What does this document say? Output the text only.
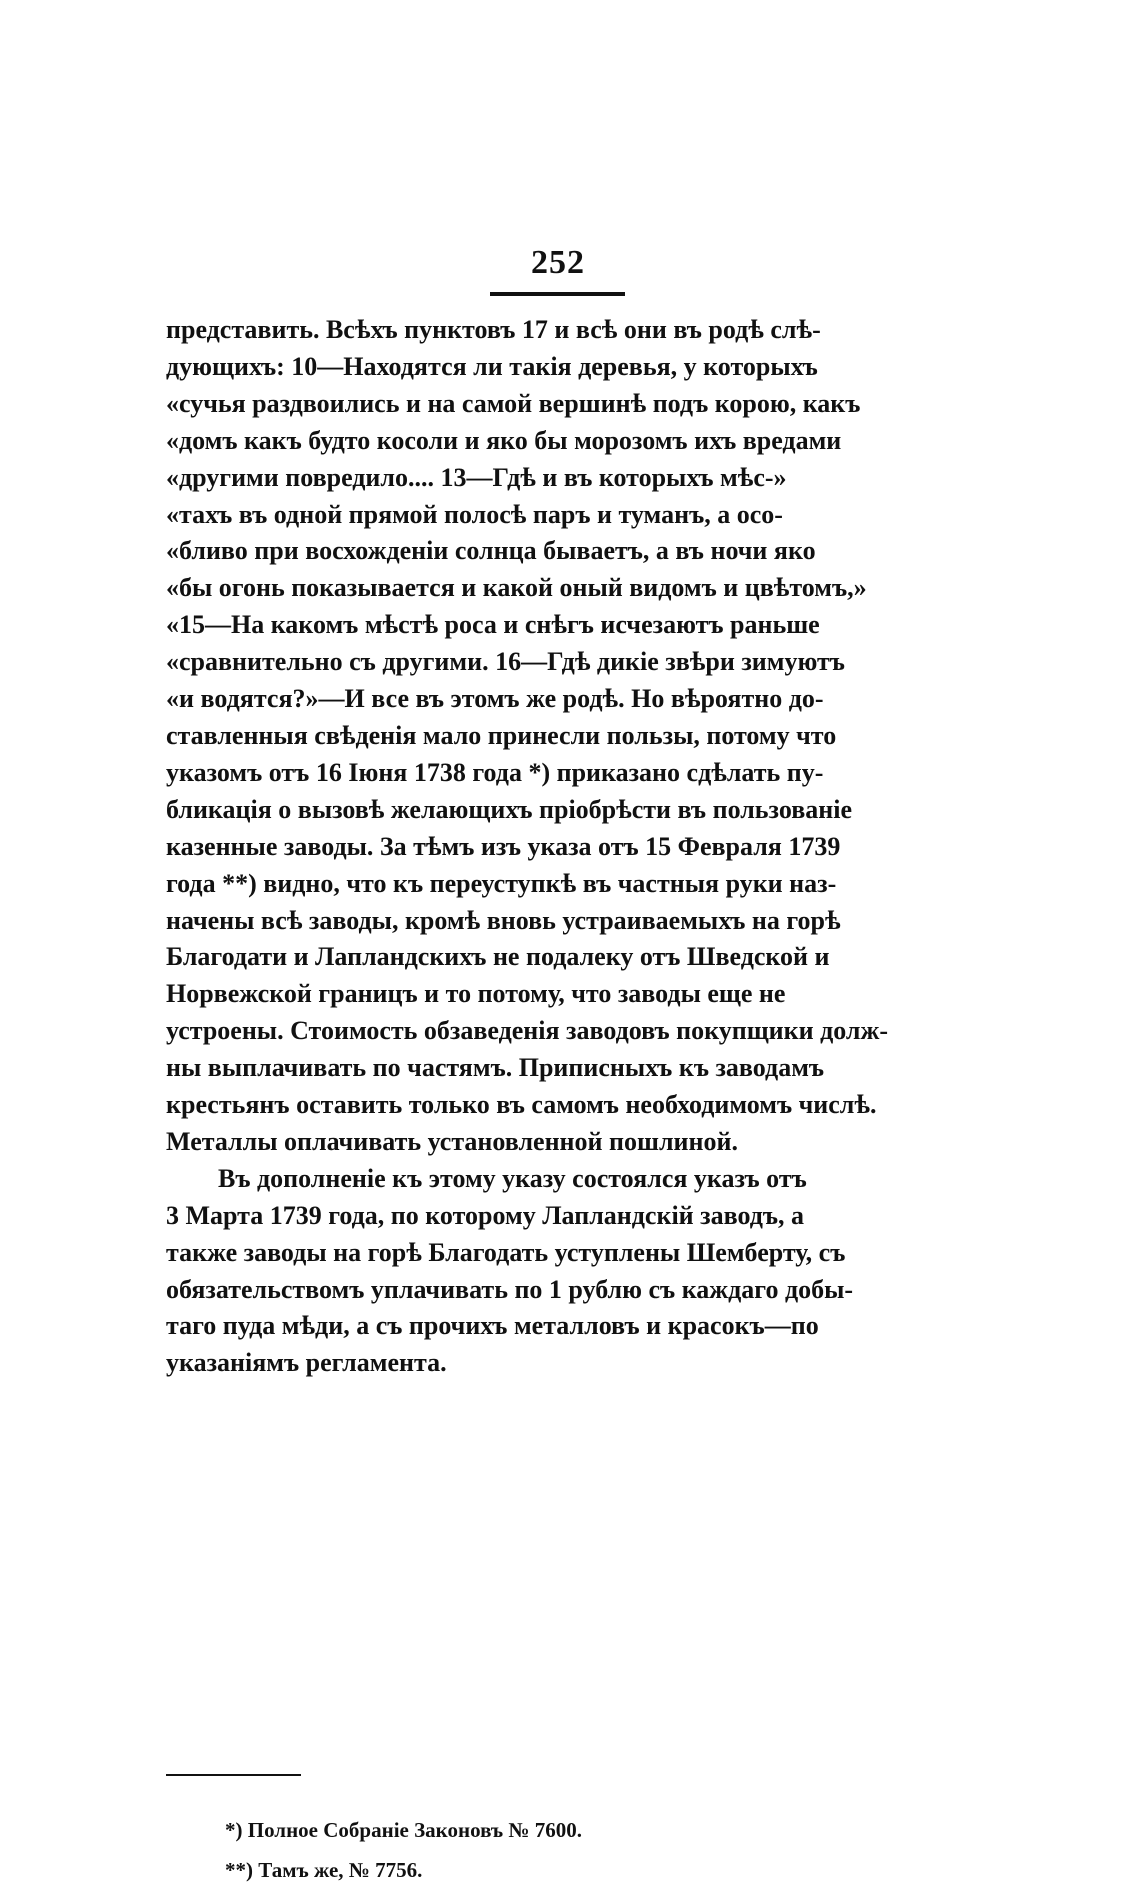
252
представить. Всѣхъ пунктовъ 17 и всѣ они въ родѣ слѣ-
дующихъ: 10—Находятся ли такія деревья, у которыхъ
«сучья раздвоились и на самой вершинѣ подъ корою, какъ
«домъ какъ будто косоли и яко бы морозомъ ихъ вредами
«другими повредило.... 13—Гдѣ и въ которыхъ мѣс-»
«тахъ въ одной прямой полосѣ паръ и туманъ, а осо-
«бливо при восхожденіи солнца бываетъ, а въ ночи яко
«бы огонь показывается и какой оный видомъ и цвѣтомъ,»
«15—На какомъ мѣстѣ роса и снѣгъ исчезаютъ раньше
«сравнительно съ другими. 16—Гдѣ дикіе звѣри зимуютъ
«и водятся?»—И все въ этомъ же родѣ. Но вѣроятно до-
ставленныя свѣденія мало принесли пользы, потому что
указомъ отъ 16 Іюня 1738 года *) приказано сдѣлать пу-
бликація о вызовѣ желающихъ пріобрѣсти въ пользованіе
казенные заводы. За тѣмъ изъ указа отъ 15 Февраля 1739
года **) видно, что къ переуступкѣ въ частныя руки наз-
начены всѣ заводы, кромѣ вновь устраиваемыхъ на горѣ
Благодати и Лапландскихъ не подалеку отъ Шведской и
Норвежской границъ и то потому, что заводы еще не
устроены. Стоимость обзаведенія заводовъ покупщики долж-
ны выплачивать по частямъ. Приписныхъ къ заводамъ
крестьянъ оставить только въ самомъ необходимомъ числѣ.
Металлы оплачивать установленной пошлиной.
Въ дополненіе къ этому указу состоялся указъ отъ
3 Марта 1739 года, по которому Лапландскій заводъ, а
также заводы на горѣ Благодать уступлены Шемберту, съ
обязательствомъ уплачивать по 1 рублю съ каждаго добы-
таго пуда мѣди, а съ прочихъ металловъ и красокъ—по
указаніямъ регламента.
*) Полное Собраніе Законовъ № 7600.
**) Тамъ же, № 7756.
